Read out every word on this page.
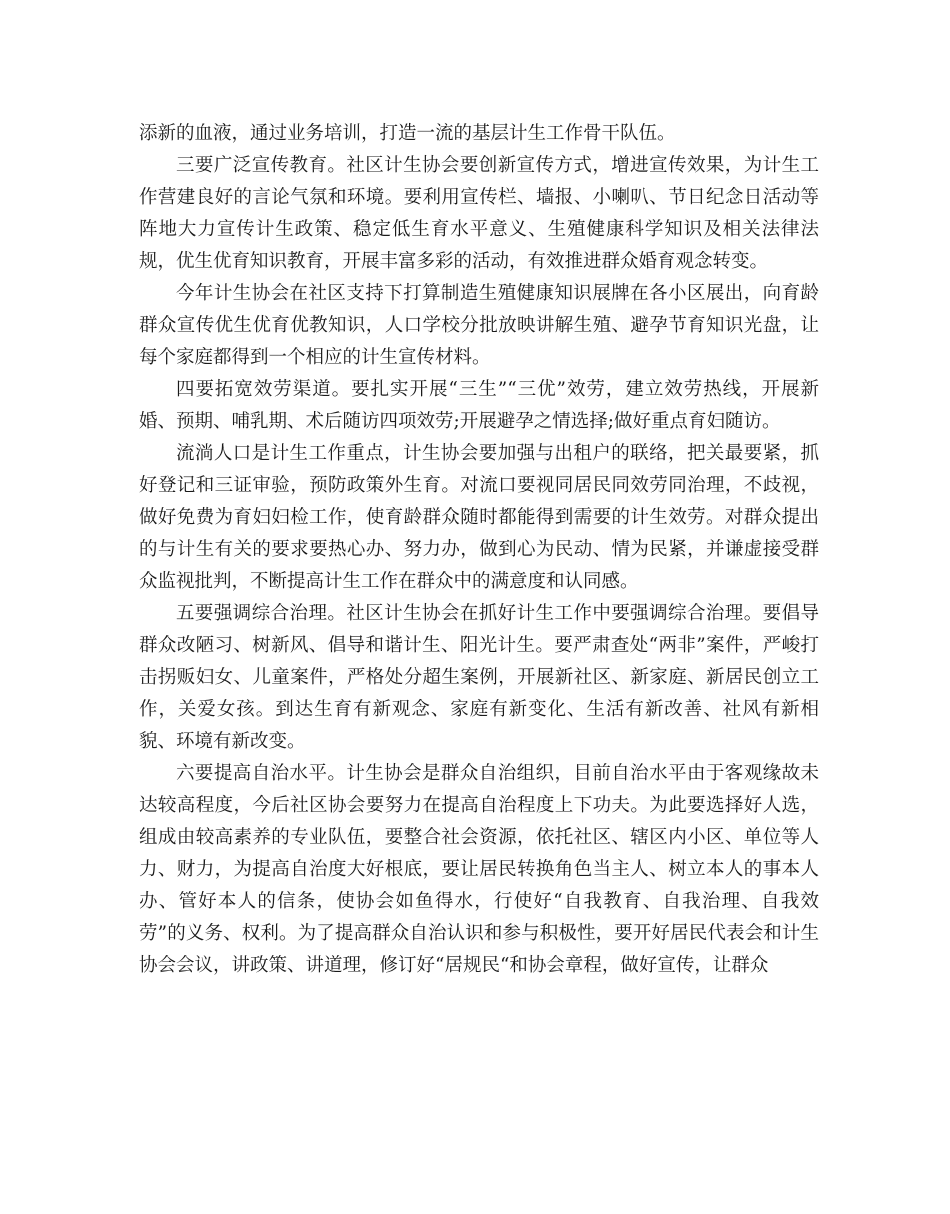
添新的血液，通过业务培训，打造一流的基层计生工作骨干队伍。

三要广泛宣传教育。社区计生协会要创新宣传方式，增进宣传效果，为计生工作营建良好的言论气氛和环境。要利用宣传栏、墙报、小喇叭、节日纪念日活动等阵地大力宣传计生政策、稳定低生育水平意义、生殖健康科学知识及相关法律法规，优生优育知识教育，开展丰富多彩的活动，有效推进群众婚育观念转变。

今年计生协会在社区支持下打算制造生殖健康知识展牌在各小区展出，向育龄群众宣传优生优育优教知识，人口学校分批放映讲解生殖、避孕节育知识光盘，让每个家庭都得到一个相应的计生宣传材料。

四要拓宽效劳渠道。要扎实开展“三生”“三优”效劳，建立效劳热线，开展新婚、预期、哺乳期、术后随访四项效劳;开展避孕之情选择;做好重点育妇随访。

流淌人口是计生工作重点，计生协会要加强与出租户的联络，把关最要紧，抓好登记和三证审验，预防政策外生育。对流口要视同居民同效劳同治理，不歧视，做好免费为育妇妇检工作，使育龄群众随时都能得到需要的计生效劳。对群众提出的与计生有关的要求要热心办、努力办，做到心为民动、情为民紧，并谦虚接受群众监视批判，不断提高计生工作在群众中的满意度和认同感。

五要强调综合治理。社区计生协会在抓好计生工作中要强调综合治理。要倡导群众改陋习、树新风、倡导和谐计生、阳光计生。要严肃查处“两非”案件，严峻打击拐贩妇女、儿童案件，严格处分超生案例，开展新社区、新家庭、新居民创立工作，关爱女孩。到达生育有新观念、家庭有新变化、生活有新改善、社风有新相貌、环境有新改变。

六要提高自治水平。计生协会是群众自治组织，目前自治水平由于客观缘故未达较高程度，今后社区协会要努力在提高自治程度上下功夫。为此要选择好人选，组成由较高素养的专业队伍，要整合社会资源，依托社区、辖区内小区、单位等人力、财力，为提高自治度大好根底，要让居民转换角色当主人、树立本人的事本人办、管好本人的信条，使协会如鱼得水，行使好“自我教育、自我治理、自我效劳”的义务、权利。为了提高群众自治认识和参与积极性，要开好居民代表会和计生协会会议，讲政策、讲道理，修订好“居规民“和协会章程，做好宣传，让群众
